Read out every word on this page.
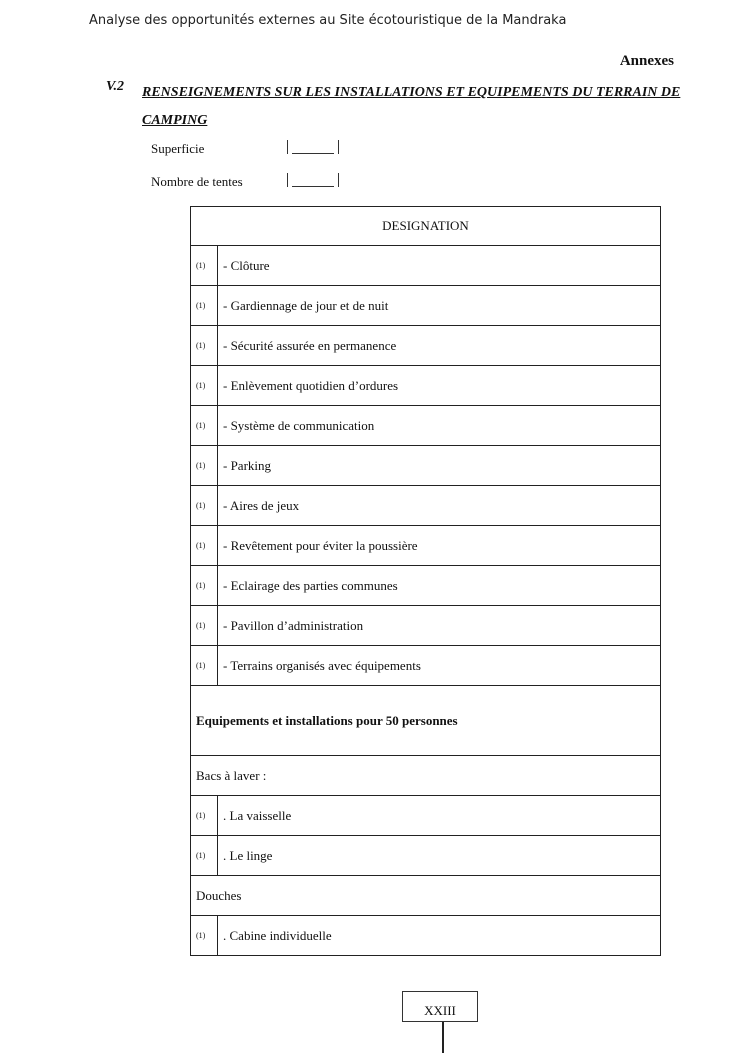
Analyse des opportunités externes au Site écotouristique de la Mandraka
Annexes
V.2 RENSEIGNEMENTS SUR LES INSTALLATIONS ET EQUIPEMENTS DU TERRAIN DE CAMPING
Superficie
Nombre de tentes
DESIGNATION	
(1)	- Clôture
(1)	- Gardiennage de jour et de nuit
(1)	- Sécurité assurée en permanence
(1)	- Enlèvement quotidien d’ordures
(1)	- Système de communication
(1)	- Parking
(1)	- Aires de jeux
(1)	- Revêtement pour éviter la poussière
(1)	- Eclairage des parties communes
(1)	- Pavillon d’administration
(1)	- Terrains organisés avec équipements
Equipements et installations pour 50 personnes	
Bacs à laver :	
(1)	. La vaisselle
(1)	. Le linge
Douches	
(1)	. Cabine individuelle
XXIII
